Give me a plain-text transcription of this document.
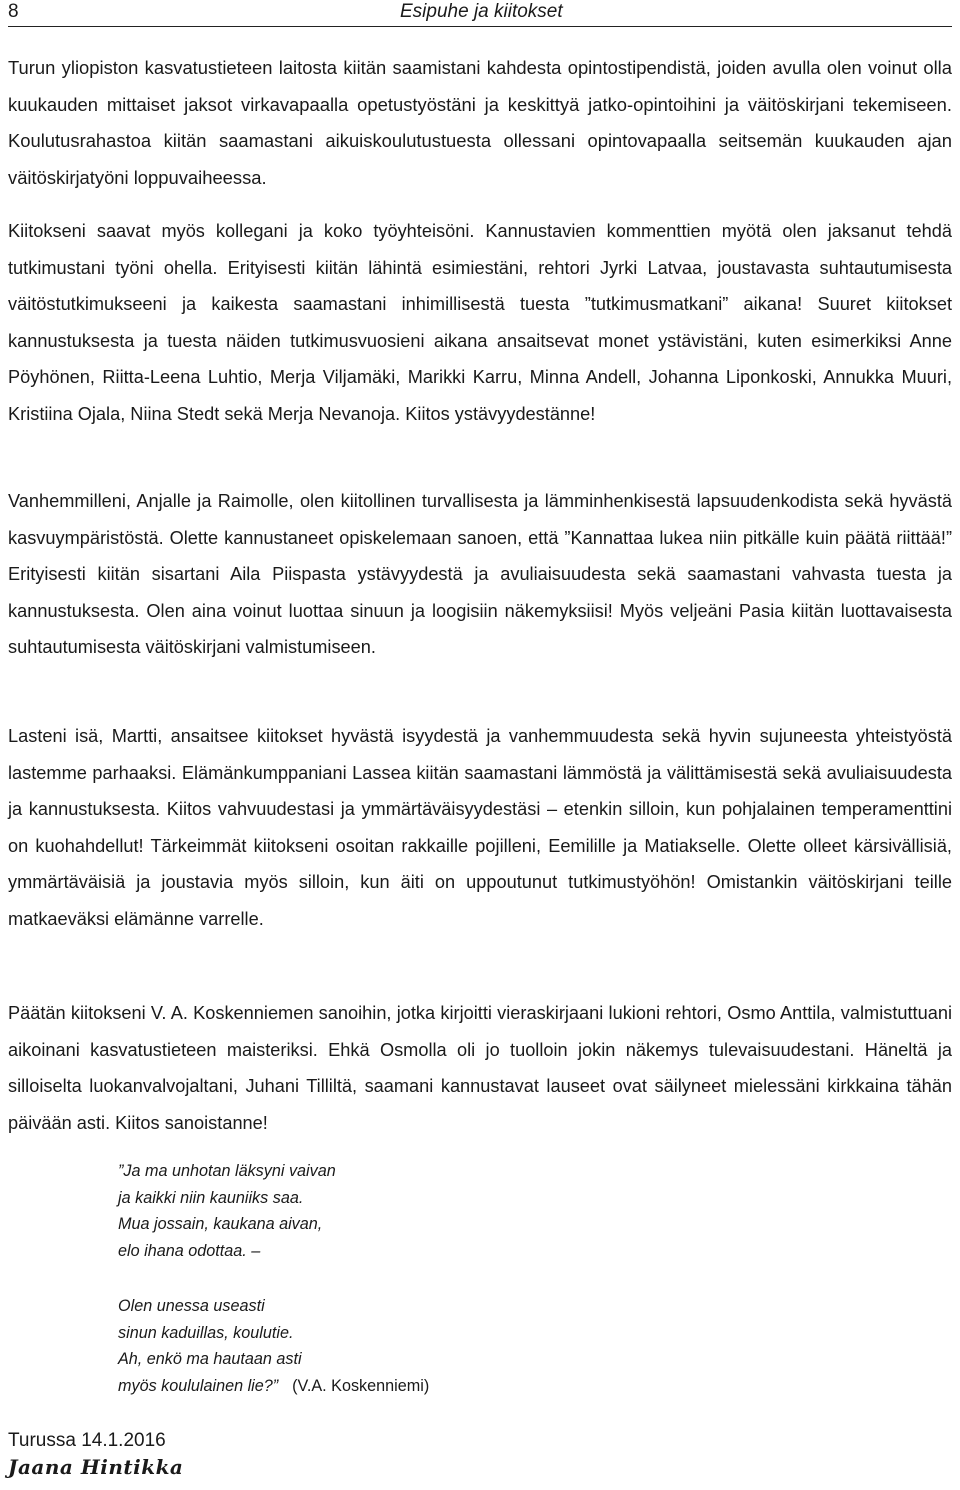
8	Esipuhe ja kiitokset

Turun yliopiston kasvatustieteen laitosta kiitän saamistani kahdesta opintostipendistä, joiden avulla olen voinut olla kuukauden mittaiset jaksot virkavapaalla opetustyöstäni ja keskittyä jatko-opintoihini ja väitöskirjani tekemiseen. Koulutusrahastoa kiitän saamastani aikuiskoulutustuesta ollessani opintovapaalla seitsemän kuukauden ajan väitöskirjatyöni loppuvaiheessa.

Kiitokseni saavat myös kollegani ja koko työyhteisöni. Kannustavien kommenttien myötä olen jaksanut tehdä tutkimustani työni ohella. Erityisesti kiitän lähintä esimiestäni, rehtori Jyrki Latvaa, joustavasta suhtautumisesta väitöstutkimukseeni ja kaikesta saamastani inhimillisestä tuesta ”tutkimusmatkani” aikana! Suuret kiitokset kannustuksesta ja tuesta näiden tutkimusvuosieni aikana ansaitsevat monet ystävistäni, kuten esimerkiksi Anne Pöyhönen, Riitta-Leena Luhtio, Merja Viljamäki, Marikki Karru, Minna Andell, Johanna Liponkoski, Annukka Muuri, Kristiina Ojala, Niina Stedt sekä Merja Nevanoja. Kiitos ystävyydestänne!

Vanhemmilleni, Anjalle ja Raimolle, olen kiitollinen turvallisesta ja lämminhenkisestä lapsuudenkodista sekä hyvästä kasvuympäristöstä. Olette kannustaneet opiskelemaan sanoen, että ”Kannattaa lukea niin pitkälle kuin päätä riittää!” Erityisesti kiitän sisartani Aila Piispasta ystävyydestä ja avuliaisuudesta sekä saamastani vahvasta tuesta ja kannustuksesta. Olen aina voinut luottaa sinuun ja loogisiin näkemyksiisi! Myös veljeäni Pasia kiitän luottavaisesta suhtautumisesta väitöskirjani valmistumiseen.

Lasteni isä, Martti, ansaitsee kiitokset hyvästä isyydestä ja vanhemmuudesta sekä hyvin sujuneesta yhteistyöstä lastemme parhaaksi. Elämänkumppaniani Lassea kiitän saamastani lämmöstä ja välittämisestä sekä avuliaisuudesta ja kannustuksesta. Kiitos vahvuudestasi ja ymmärtäväisyydestäsi – etenkin silloin, kun pohjalainen temperamenttini on kuohahdellut! Tärkeimmät kiitokseni osoitan rakkaille pojilleni, Eemilille ja Matiakselle. Olette olleet kärsivällisiä, ymmärtäväisiä ja joustavia myös silloin, kun äiti on uppoutunut tutkimustyöhön! Omistankin väitöskirjani teille matkaeväksi elämänne varrelle.

Päätän kiitokseni V. A. Koskenniemen sanoihin, jotka kirjoitti vieraskirjaani lukioni rehtori, Osmo Anttila, valmistuttuani aikoinani kasvatustieteen maisteriksi. Ehkä Osmolla oli jo tuolloin jokin näkemys tulevaisuudestani. Häneltä ja silloiselta luokanvalvojaltani, Juhani Tilliltä, saamani kannustavat lauseet ovat säilyneet mielessäni kirkkaina tähän päivään asti. Kiitos sanoistanne!

”Ja ma unhotan läksyni vaivan
ja kaikki niin kauniiks saa.
Mua jossain, kaukana aivan,
elo ihana odottaa. –
Olen unessa useasti
sinun kaduillas, koulutie.
Ah, enkö ma hautaan asti
myös koululainen lie?” (V.A. Koskenniemi)
Turussa 14.1.2016
Jaana Hintikka
